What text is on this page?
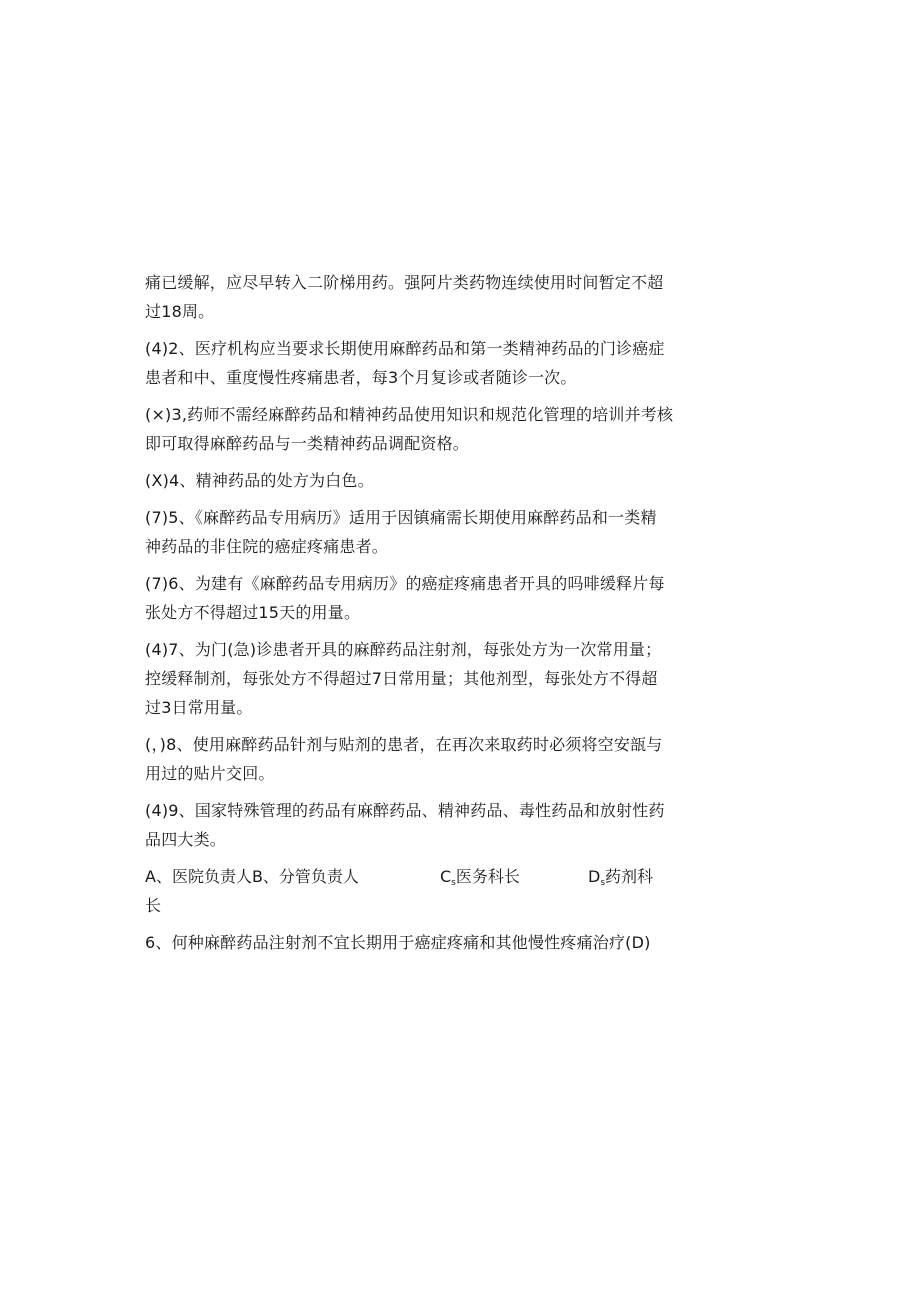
痛已缓解，应尽早转入二阶梯用药。强阿片类药物连续使用时间暂定不超
过18周。

(4)2、医疗机构应当要求长期使用麻醉药品和第一类精神药品的门诊癌症
患者和中、重度慢性疼痛患者，每3个月复诊或者随诊一次。

(×)3,药师不需经麻醉药品和精神药品使用知识和规范化管理的培训并考核
即可取得麻醉药品与一类精神药品调配资格。

(X)4、精神药品的处方为白色。

(7)5、《麻醉药品专用病历》适用于因镇痛需长期使用麻醉药品和一类精
神药品的非住院的癌症疼痛患者。

(7)6、为建有《麻醉药品专用病历》的癌症疼痛患者开具的吗啡缓释片每
张处方不得超过15天的用量。

(4)7、为门(急)诊患者开具的麻醉药品注射剂，每张处方为一次常用量；
控缓释制剂，每张处方不得超过7日常用量；其他剂型，每张处方不得超
过3日常用量。

(，)8、使用麻醉药品针剂与贴剂的患者，在再次来取药时必须将空安瓿与
用过的贴片交回。

(4)9、国家特殊管理的药品有麻醉药品、精神药品、毒性药品和放射性药
品四大类。

A、医院负责人B、分管负责人	$C_s$医务科长	$D_s$药剂科

长

6、何种麻醉药品注射剂不宜长期用于癌症疼痛和其他慢性疼痛治疗(D)
